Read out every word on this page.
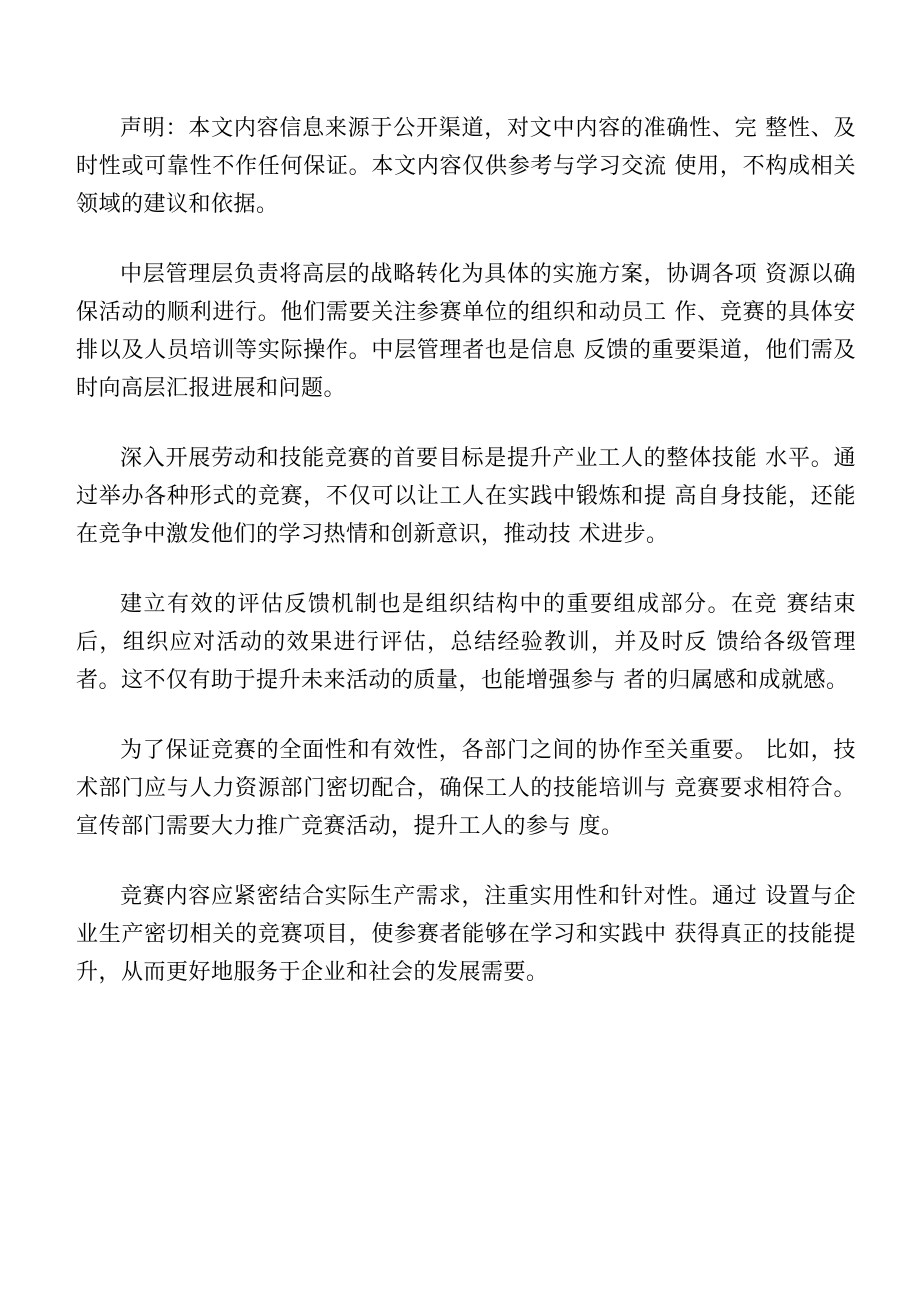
声明：本文内容信息来源于公开渠道，对文中内容的准确性、完 整性、及时性或可靠性不作任何保证。本文内容仅供参考与学习交流 使用，不构成相关领域的建议和依据。

中层管理层负责将高层的战略转化为具体的实施方案，协调各项 资源以确保活动的顺利进行。他们需要关注参赛单位的组织和动员工 作、竞赛的具体安排以及人员培训等实际操作。中层管理者也是信息 反馈的重要渠道，他们需及时向高层汇报进展和问题。

深入开展劳动和技能竞赛的首要目标是提升产业工人的整体技能 水平。通过举办各种形式的竞赛，不仅可以让工人在实践中锻炼和提 高自身技能，还能在竞争中激发他们的学习热情和创新意识，推动技 术进步。

建立有效的评估反馈机制也是组织结构中的重要组成部分。在竞 赛结束后，组织应对活动的效果进行评估，总结经验教训，并及时反 馈给各级管理者。这不仅有助于提升未来活动的质量，也能增强参与 者的归属感和成就感。

为了保证竞赛的全面性和有效性，各部门之间的协作至关重要。 比如，技术部门应与人力资源部门密切配合，确保工人的技能培训与 竞赛要求相符合。宣传部门需要大力推广竞赛活动，提升工人的参与 度。

竞赛内容应紧密结合实际生产需求，注重实用性和针对性。通过 设置与企业生产密切相关的竞赛项目，使参赛者能够在学习和实践中 获得真正的技能提升，从而更好地服务于企业和社会的发展需要。
